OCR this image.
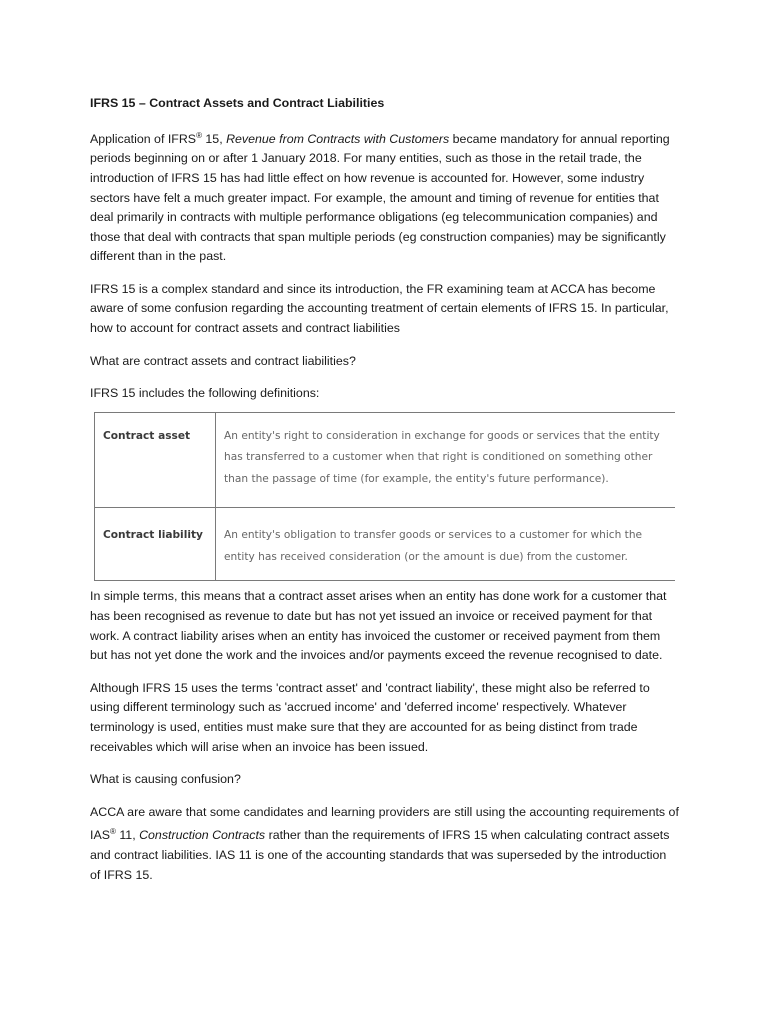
IFRS 15 – Contract Assets and Contract Liabilities

Application of IFRS® 15, Revenue from Contracts with Customers became mandatory for annual reporting periods beginning on or after 1 January 2018. For many entities, such as those in the retail trade, the introduction of IFRS 15 has had little effect on how revenue is accounted for. However, some industry sectors have felt a much greater impact. For example, the amount and timing of revenue for entities that deal primarily in contracts with multiple performance obligations (eg telecommunication companies) and those that deal with contracts that span multiple periods (eg construction companies) may be significantly different than in the past.

IFRS 15 is a complex standard and since its introduction, the FR examining team at ACCA has become aware of some confusion regarding the accounting treatment of certain elements of IFRS 15. In particular, how to account for contract assets and contract liabilities

What are contract assets and contract liabilities?

IFRS 15 includes the following definitions:

Contract asset	An entity's right to consideration in exchange for goods or services that the entity has transferred to a customer when that right is conditioned on something other than the passage of time (for example, the entity's future performance).
Contract liability	An entity's obligation to transfer goods or services to a customer for which the entity has received consideration (or the amount is due) from the customer.

In simple terms, this means that a contract asset arises when an entity has done work for a customer that has been recognised as revenue to date but has not yet issued an invoice or received payment for that work. A contract liability arises when an entity has invoiced the customer or received payment from them but has not yet done the work and the invoices and/or payments exceed the revenue recognised to date.

Although IFRS 15 uses the terms 'contract asset' and 'contract liability', these might also be referred to using different terminology such as 'accrued income' and 'deferred income' respectively. Whatever terminology is used, entities must make sure that they are accounted for as being distinct from trade receivables which will arise when an invoice has been issued.

What is causing confusion?

ACCA are aware that some candidates and learning providers are still using the accounting requirements of IAS® 11, Construction Contracts rather than the requirements of IFRS 15 when calculating contract assets and contract liabilities. IAS 11 is one of the accounting standards that was superseded by the introduction of IFRS 15.
